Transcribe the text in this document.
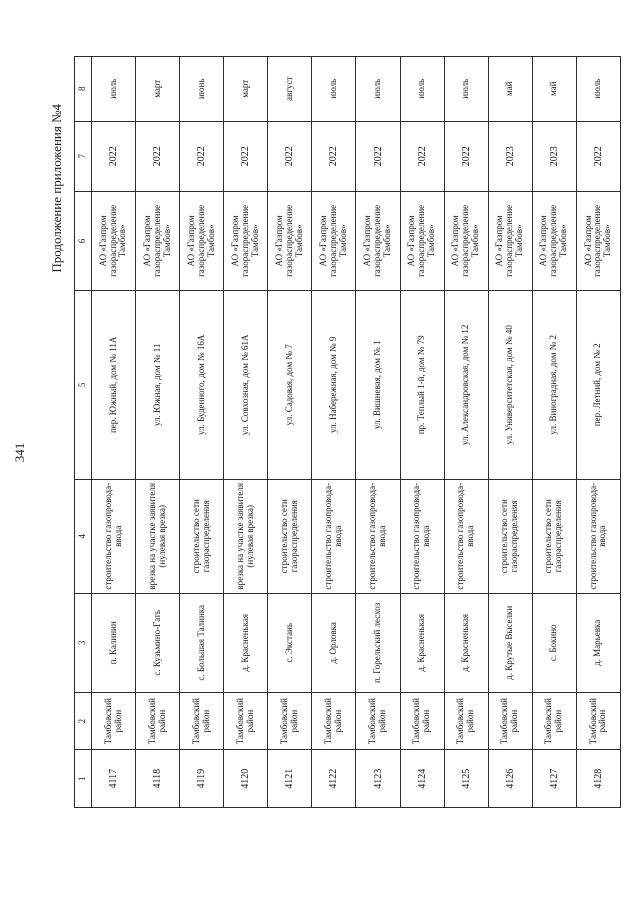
341
Продолжение приложения №4
1	2	3	4	5	6	7	8
4117	Тамбовский район	п. Калинин	строительство газопровода-ввода	пер. Южный, дом № 11А	АО «Газпром газораспределение Тамбов»	2022	июль
4118	Тамбовский район	с. Кузьмино-Гать	врезка на участке заявителя (нулевая врезка)	ул. Южная, дом № 11	АО «Газпром газораспределение Тамбов»	2022	март
4119	Тамбовский район	с. Большая Талинка	строительство сети газораспределения	ул. Буденного, дом № 16А	АО «Газпром газораспределение Тамбов»	2022	июнь
4120	Тамбовский район	д. Красненькая	врезка на участке заявителя (нулевая врезка)	ул. Совхозная, дом № 61А	АО «Газпром газораспределение Тамбов»	2022	март
4121	Тамбовский район	с. Экстаиь	строительство сети газораспределения	ул. Садовая, дом № 7	АО «Газпром газораспределение Тамбов»	2022	август
4122	Тамбовский район	д. Орловка	строительство газопровода-ввода	ул. Набережная, дом № 9	АО «Газпром газораспределение Тамбов»	2022	июль
4123	Тамбовский район	п. Горельский лесхоз	строительство газопровода-ввода	ул. Вишневая, дом № 1	АО «Газпром газораспределение Тамбов»	2022	июль
4124	Тамбовский район	д. Красненькая	строительство газопровода-ввода	пр. Теплый 1-й, дом № 79	АО «Газпром газораспределение Тамбов»	2022	июль
4125	Тамбовский район	д. Красненькая	строительство газопровода-ввода	ул. Александровская, дом № 12	АО «Газпром газораспределение Тамбов»	2022	июль
4126	Тамбовский район	д. Крутые Выселки	строительство сети газораспределения	ул. Университетская, дом № 40	АО «Газпром газораспределение Тамбов»	2023	май
4127	Тамбовский район	с. Бокино	строительство сети газораспределения	ул. Виноградная, дом № 2	АО «Газпром газораспределение Тамбов»	2023	май
4128	Тамбовский район	д. Марьевка	строительство газопровода-ввода	пер. Летний, дом № 2	АО «Газпром газораспределение Тамбов»	2022	июль
